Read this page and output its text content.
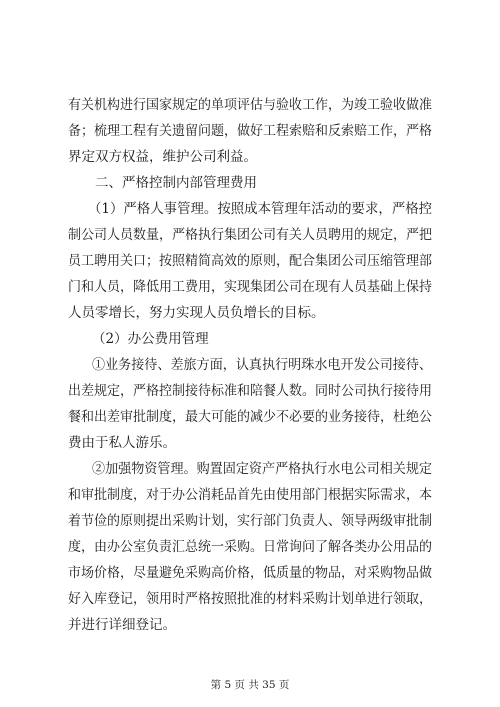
有关机构进行国家规定的单项评估与验收工作，为竣工验收做准
备；梳理工程有关遗留问题，做好工程索赔和反索赔工作，严格
界定双方权益，维护公司利益。
二、严格控制内部管理费用
（1）严格人事管理。按照成本管理年活动的要求，严格控
制公司人员数量，严格执行集团公司有关人员聘用的规定，严把
员工聘用关口；按照精简高效的原则，配合集团公司压缩管理部
门和人员，降低用工费用，实现集团公司在现有人员基础上保持
人员零增长，努力实现人员负增长的目标。
（2）办公费用管理
①业务接待、差旅方面，认真执行明珠水电开发公司接待、
出差规定，严格控制接待标准和陪餐人数。同时公司执行接待用
餐和出差审批制度，最大可能的减少不必要的业务接待，杜绝公
费由于私人游乐。
②加强物资管理。购置固定资产严格执行水电公司相关规定
和审批制度，对于办公消耗品首先由使用部门根据实际需求，本
着节俭的原则提出采购计划，实行部门负责人、领导两级审批制
度，由办公室负责汇总统一采购。日常询问了解各类办公用品的
市场价格，尽量避免采购高价格，低质量的物品，对采购物品做
好入库登记，领用时严格按照批准的材料采购计划单进行领取，
并进行详细登记。
第 5 页 共 35 页
